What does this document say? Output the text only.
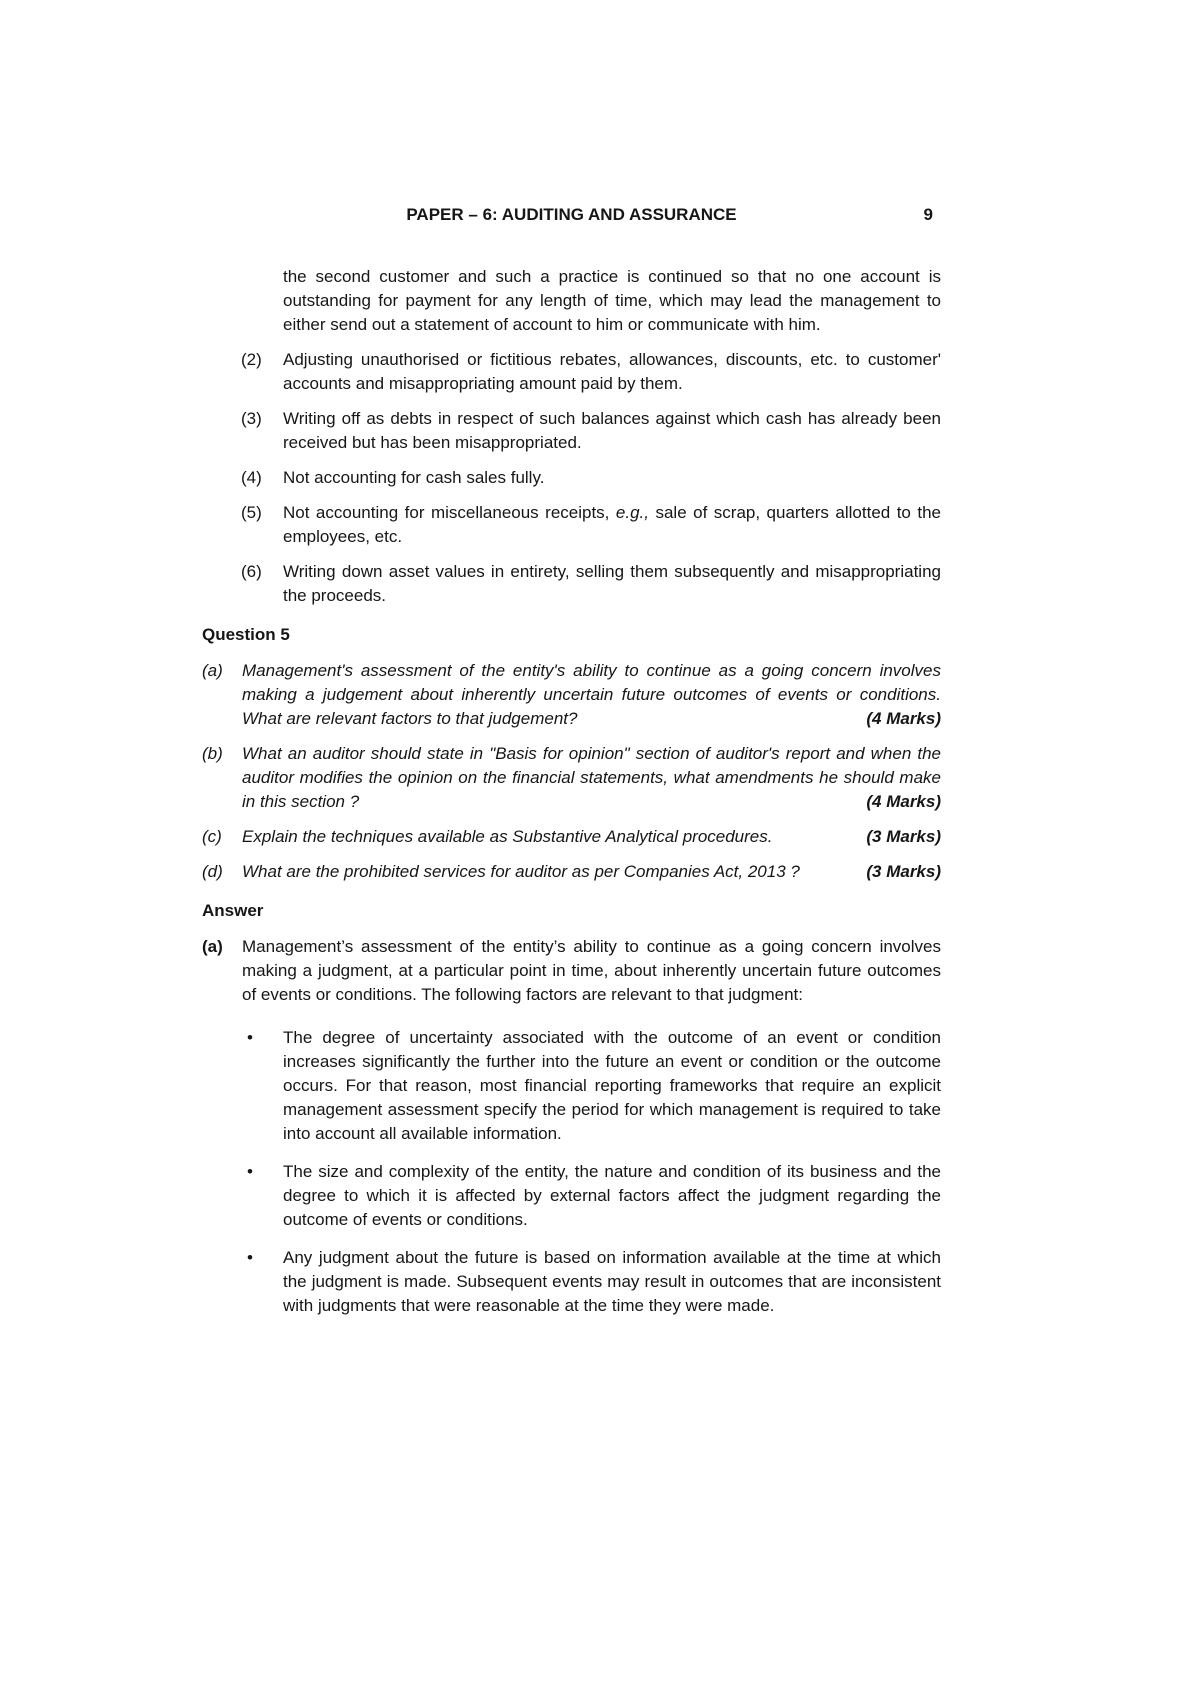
PAPER – 6: AUDITING AND ASSURANCE	9
the second customer and such a practice is continued so that no one account is outstanding for payment for any length of time, which may lead the management to either send out a statement of account to him or communicate with him.
(2)	Adjusting unauthorised or fictitious rebates, allowances, discounts, etc. to customer' accounts and misappropriating amount paid by them.
(3)	Writing off as debts in respect of such balances against which cash has already been received but has been misappropriated.
(4)	Not accounting for cash sales fully.
(5)	Not accounting for miscellaneous receipts, e.g., sale of scrap, quarters allotted to the employees, etc.
(6)	Writing down asset values in entirety, selling them subsequently and misappropriating the proceeds.
Question 5
(a)	Management's assessment of the entity's ability to continue as a going concern involves making a judgement about inherently uncertain future outcomes of events or conditions. What are relevant factors to that judgement?	(4 Marks)
(b)	What an auditor should state in "Basis for opinion" section of auditor's report and when the auditor modifies the opinion on the financial statements, what amendments he should make in this section ?	(4 Marks)
(c)	Explain the techniques available as Substantive Analytical procedures.	(3 Marks)
(d)	What are the prohibited services for auditor as per Companies Act, 2013 ?	(3 Marks)
Answer
(a)	Management’s assessment of the entity’s ability to continue as a going concern involves making a judgment, at a particular point in time, about inherently uncertain future outcomes of events or conditions. The following factors are relevant to that judgment:
•	The degree of uncertainty associated with the outcome of an event or condition increases significantly the further into the future an event or condition or the outcome occurs. For that reason, most financial reporting frameworks that require an explicit management assessment specify the period for which management is required to take into account all available information.
•	The size and complexity of the entity, the nature and condition of its business and the degree to which it is affected by external factors affect the judgment regarding the outcome of events or conditions.
•	Any judgment about the future is based on information available at the time at which the judgment is made. Subsequent events may result in outcomes that are inconsistent with judgments that were reasonable at the time they were made.
